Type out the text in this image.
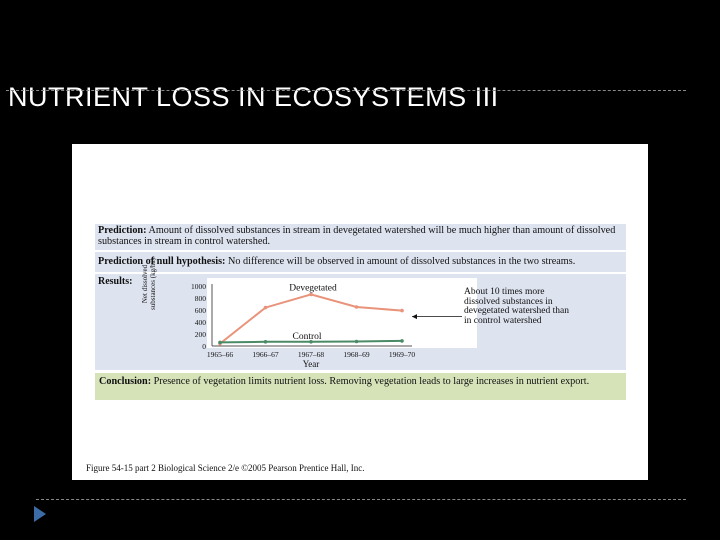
NUTRIENT LOSS IN ECOSYSTEMS III
Prediction: Amount of dissolved substances in stream in devegetated watershed will be much higher than amount of dissolved substances in stream in control watershed.
Prediction of null hypothesis: No difference will be observed in amount of dissolved substances in the two streams.
Results: Net dissolved substances (kg/ha)
0
200
400
600
800
1000
1965–66	1966–67	1967–68	1968–69	1969–70
Year
Devegetated
Control
About 10 times more dissolved substances in devegetated watershed than in control watershed
Conclusion: Presence of vegetation limits nutrient loss. Removing vegetation leads to large increases in nutrient export.
Figure 54-15 part 2 Biological Science 2/e ©2005 Pearson Prentice Hall, Inc.
